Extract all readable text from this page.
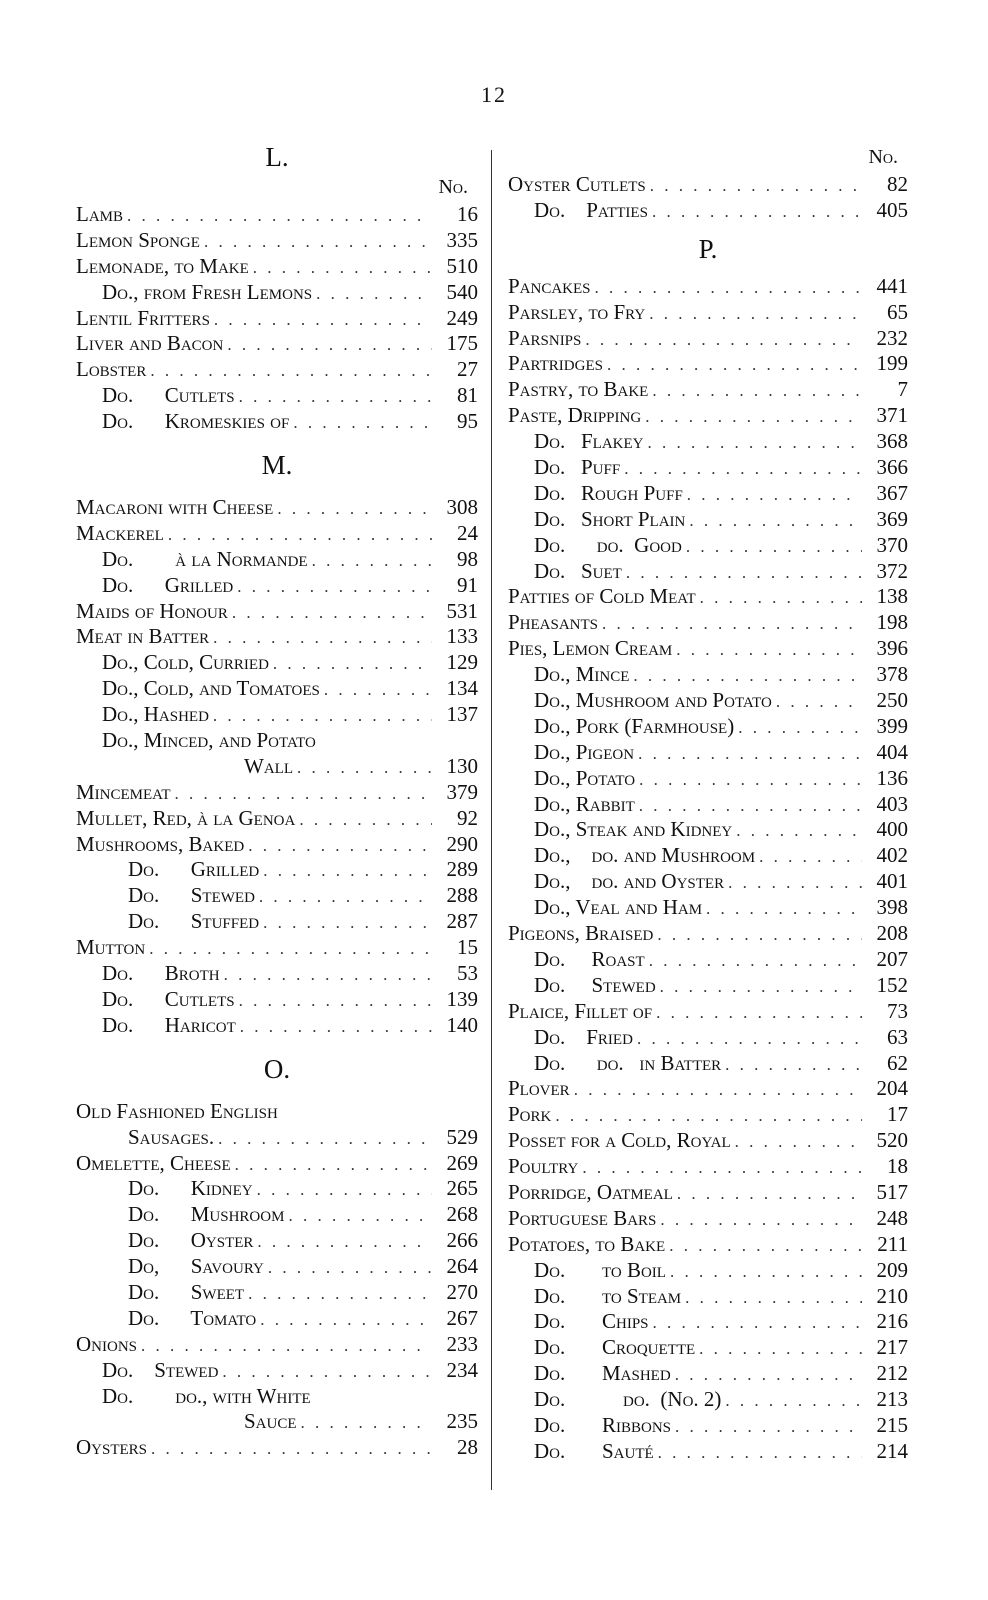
12
L.
No.
Lamb . . .	16
Lemon Sponge . . .	335
Lemonade, to Make . . .	510
Do., from Fresh Lemons . . .	540
Lentil Fritters . . .	249
Liver and Bacon . . .	175
Lobster . . .	27
Do.      Cutlets . . .	81
Do.      Kromeskies of . . .	95
M.
Macaroni with Cheese . . .	308
Mackerel . . .	24
Do.        à la Normande . . .	98
Do.      Grilled . . .	91
Maids of Honour . . .	531
Meat in Batter . . .	133
Do., Cold, Curried . . .	129
Do., Cold, and Tomatoes . . .	134
Do., Hashed . . .	137
Do., Minced, and Potato
Wall . . .	130
Mincemeat . . .	379
Mullet, Red, à la Genoa . . .	92
Mushrooms, Baked . . .	290
Do.      Grilled . . .	289
Do.      Stewed . . .	288
Do.      Stuffed . . .	287
Mutton . . .	15
Do.      Broth . . .	53
Do.      Cutlets . . .	139
Do.      Haricot . . .	140
O.
Old Fashioned English
Sausages. . . .	529
Omelette, Cheese . . .	269
Do.      Kidney . . .	265
Do.      Mushroom . . .	268
Do.      Oyster . . .	266
Do,      Savoury . . .	264
Do.      Sweet . . .	270
Do.      Tomato . . .	267
Onions . . .	233
Do.    Stewed . . .	234
Do.        do., with White
Sauce . . .	235
Oysters . . .	28
No.
Oyster Cutlets . . .	82
Do.    Patties . . .	405
P.
Pancakes . . .	441
Parsley, to Fry . . .	65
Parsnips . . .	232
Partridges . . .	199
Pastry, to Bake . . .	7
Paste, Dripping . . .	371
Do.   Flakey . . .	368
Do.   Puff . . .	366
Do.   Rough Puff . . .	367
Do.   Short Plain . . .	369
Do.      do.  Good . . .	370
Do.   Suet . . .	372
Patties of Cold Meat . . .	138
Pheasants . . .	198
Pies, Lemon Cream . . .	396
Do., Mince . . .	378
Do., Mushroom and Potato . . .	250
Do., Pork (Farmhouse) . . .	399
Do., Pigeon . . .	404
Do., Potato . . .	136
Do., Rabbit . . .	403
Do., Steak and Kidney . . .	400
Do.,    do. and Mushroom . . .	402
Do.,    do. and Oyster . . .	401
Do., Veal and Ham . . .	398
Pigeons, Braised . . .	208
Do.     Roast . . .	207
Do.     Stewed . . .	152
Plaice, Fillet of . . .	73
Do.    Fried . . .	63
Do.      do.   in Batter . . .	62
Plover . . .	204
Pork . . .	17
Posset for a Cold, Royal . . .	520
Poultry . . .	18
Porridge, Oatmeal . . .	517
Portuguese Bars . . .	248
Potatoes, to Bake . . .	211
Do.       to Boil . . .	209
Do.       to Steam . . .	210
Do.       Chips . . .	216
Do.       Croquette . . .	217
Do.       Mashed . . .	212
Do.           do.  (No. 2) . . .	213
Do.       Ribbons . . .	215
Do.       Sauté . . .	214
